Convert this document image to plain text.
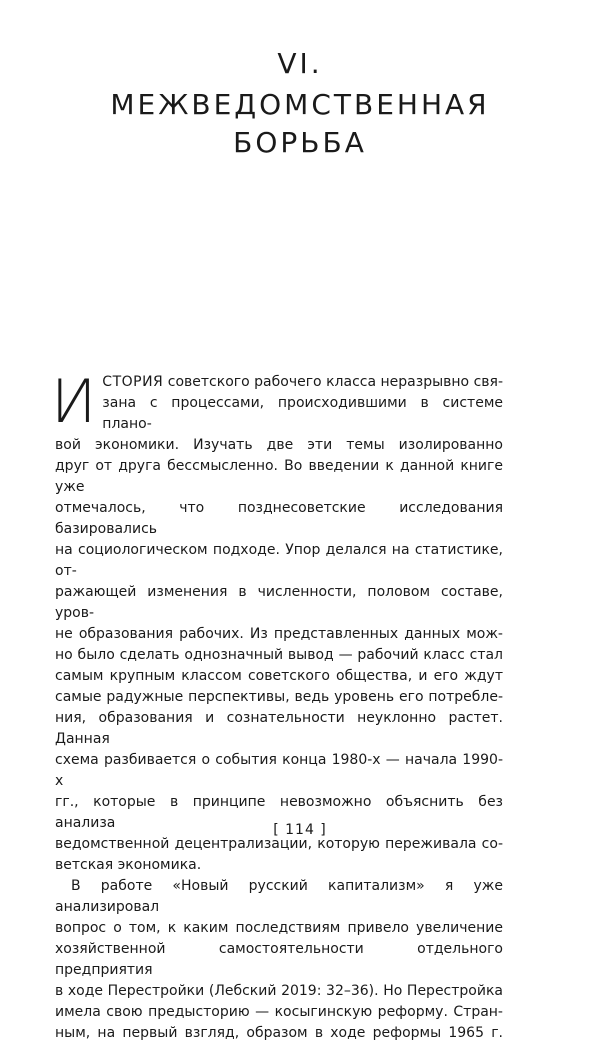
VI.
МЕЖВЕДОМСТВЕННАЯ
БОРЬБА
И СТОРИЯ советского рабочего класса неразрывно свя-

зана с процессами, происходившими в системе плано-

вой экономики. Изучать две эти темы изолированно

друг от друга бессмысленно. Во введении к данной книге уже

отмечалось, что позднесоветские исследования базировались

на социологическом подходе. Упор делался на статистике, от-

ражающей изменения в численности, половом составе, уров-

не образования рабочих. Из представленных данных мож-

но было сделать однозначный вывод — рабочий класс стал

самым крупным классом советского общества, и его ждут

самые радужные перспективы, ведь уровень его потребле-

ния, образования и сознательности неуклонно растет. Данная

схема разбивается о события конца 1980-х — начала 1990-х

гг., которые в принципе невозможно объяснить без анализа

ведомственной децентрализации, которую переживала со-

ветская экономика.

В работе «Новый русский капитализм» я уже анализировал

вопрос о том, к каким последствиям привело увеличение

хозяйственной самостоятельности отдельного предприятия

в ходе Перестройки (Лебский 2019: 32–36). Но Перестройка

имела свою предысторию — косыгинскую реформу. Стран-

ным, на первый взгляд, образом в ходе реформы 1965 г.

[ 114 ]
